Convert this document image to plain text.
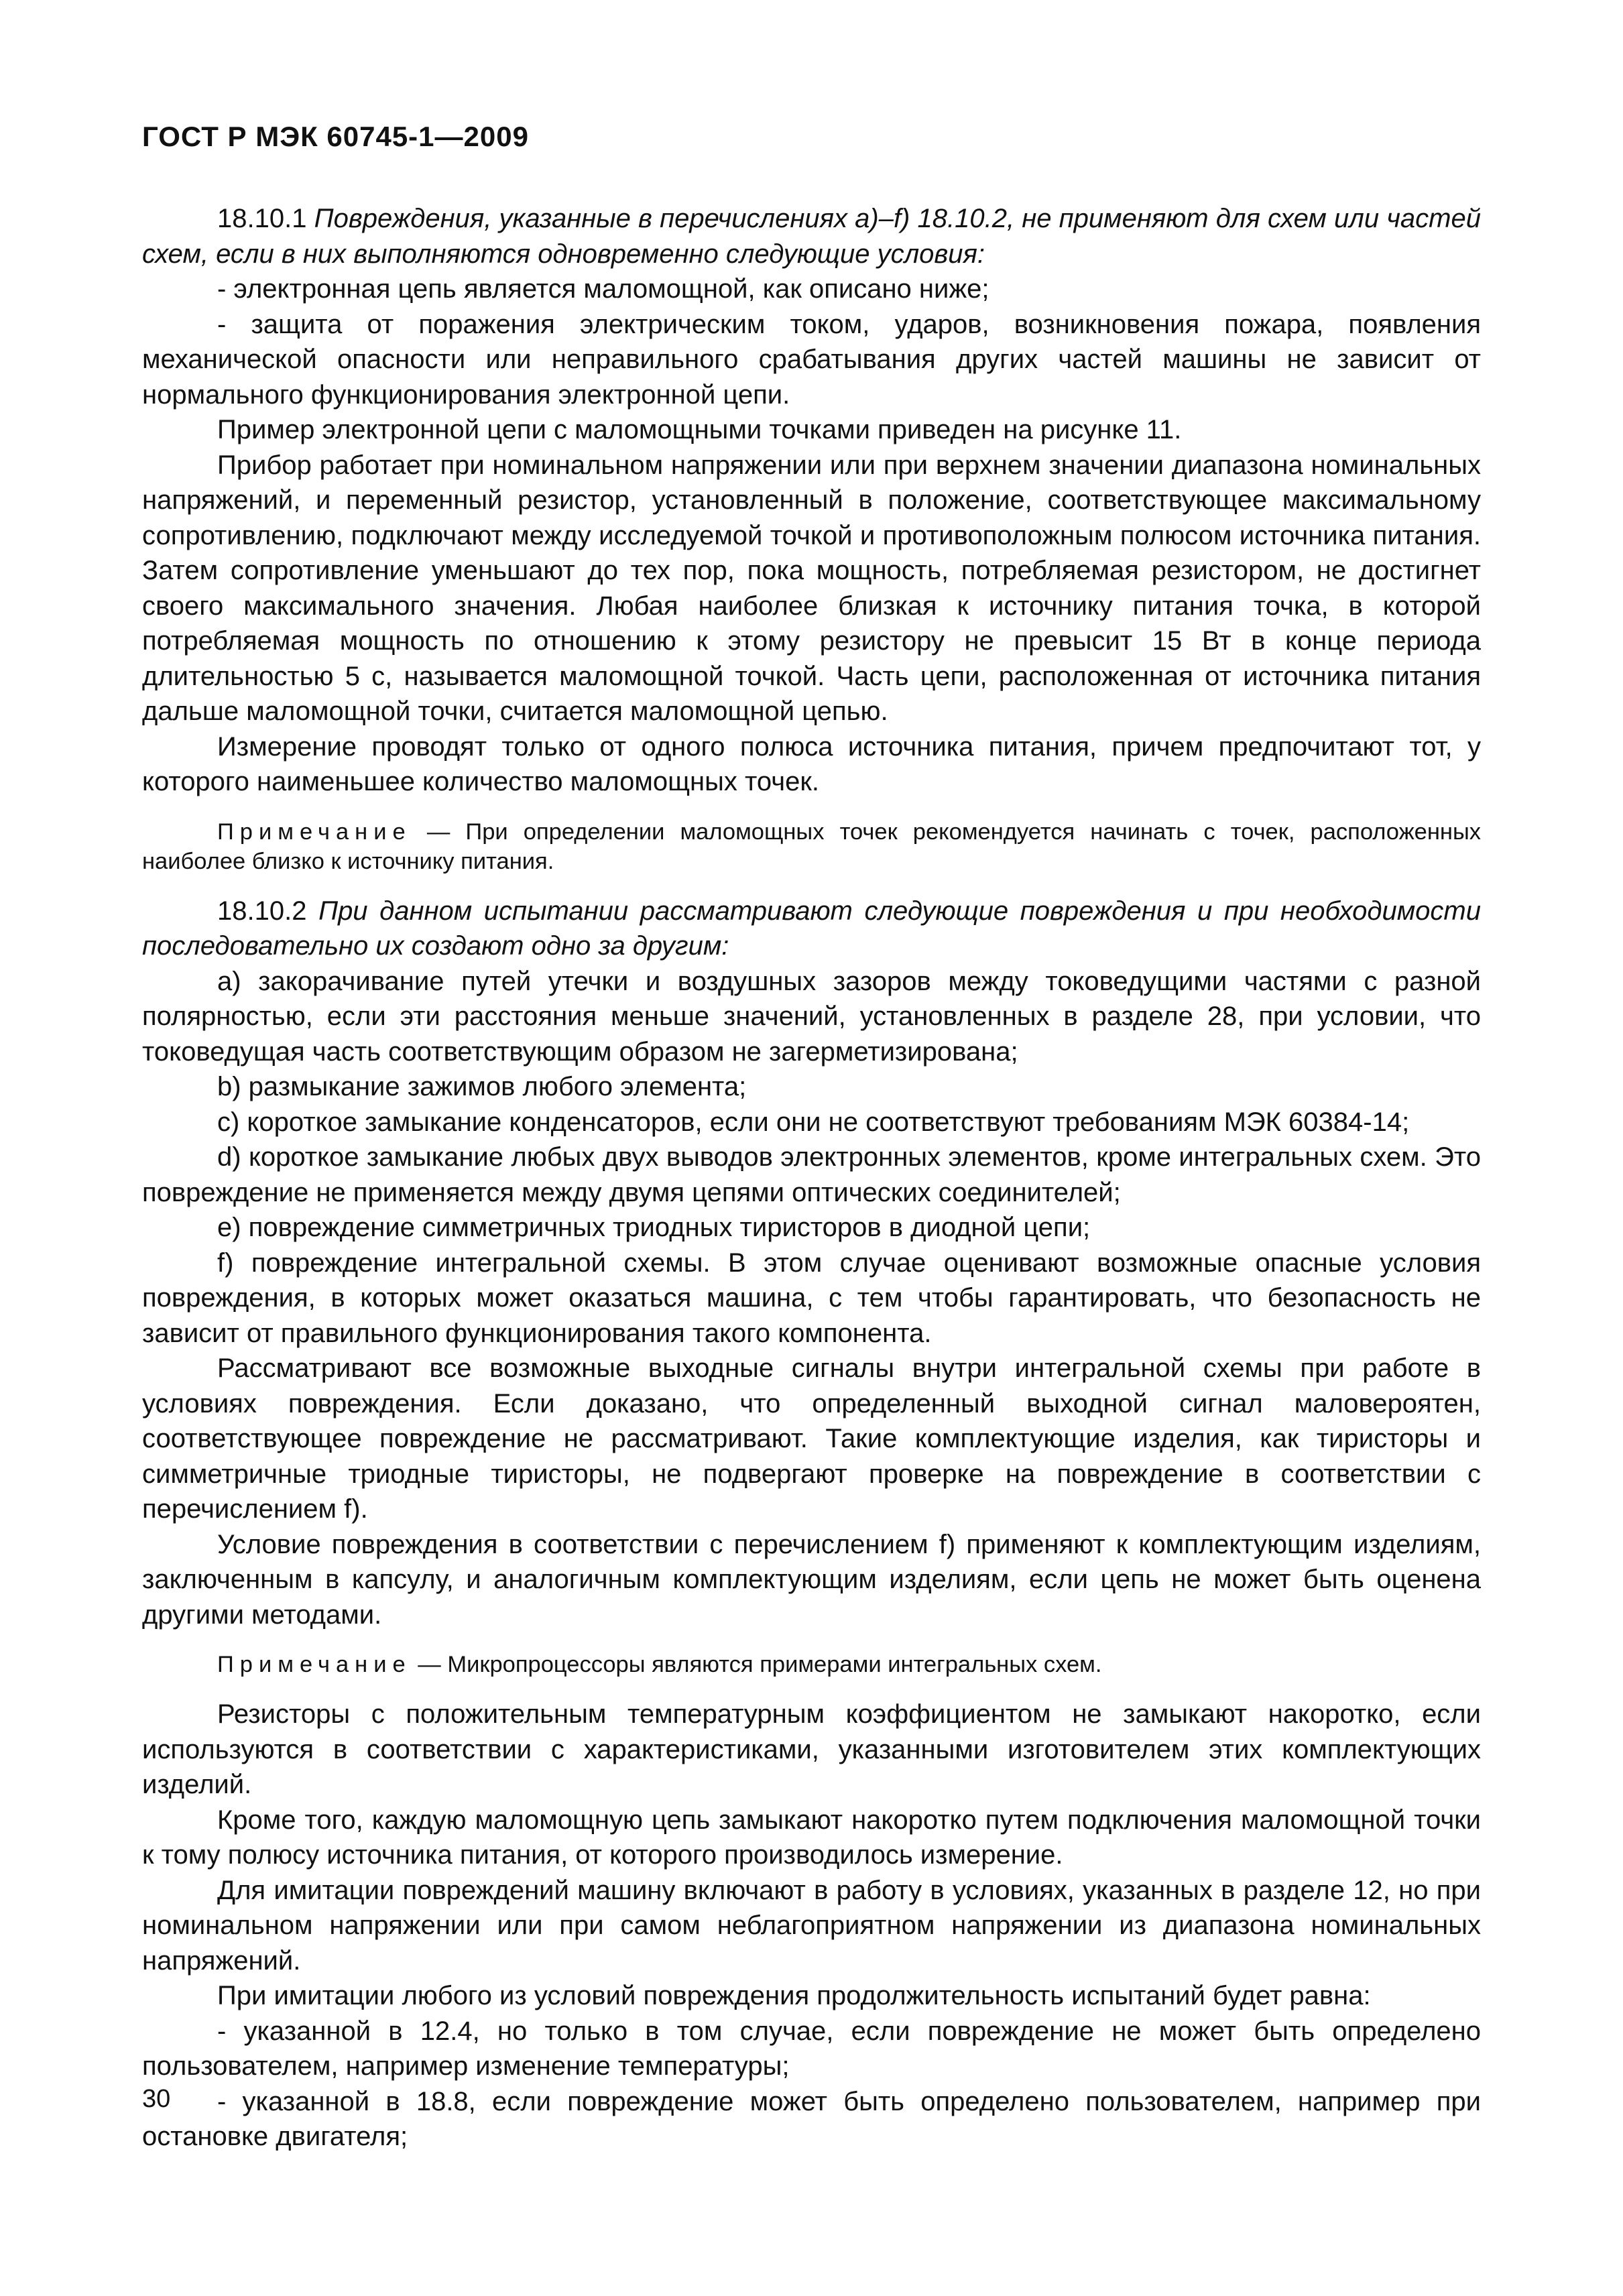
ГОСТ Р МЭК 60745-1—2009

18.10.1 Повреждения, указанные в перечислениях а)–f) 18.10.2, не применяют для схем или частей схем, если в них выполняются одновременно следующие условия:

- электронная цепь является маломощной, как описано ниже;

- защита от поражения электрическим током, ударов, возникновения пожара, появления механической опасности или неправильного срабатывания других частей машины не зависит от нормального функционирования электронной цепи.

Пример электронной цепи с маломощными точками приведен на рисунке 11.

Прибор работает при номинальном напряжении или при верхнем значении диапазона номинальных напряжений, и переменный резистор, установленный в положение, соответствующее максимальному сопротивлению, подключают между исследуемой точкой и противоположным полюсом источника питания. Затем сопротивление уменьшают до тех пор, пока мощность, потребляемая резистором, не достигнет своего максимального значения. Любая наиболее близкая к источнику питания точка, в которой потребляемая мощность по отношению к этому резистору не превысит 15 Вт в конце периода длительностью 5 с, называется маломощной точкой. Часть цепи, расположенная от источника питания дальше маломощной точки, считается маломощной цепью.

Измерение проводят только от одного полюса источника питания, причем предпочитают тот, у которого наименьшее количество маломощных точек.

Примечание — При определении маломощных точек рекомендуется начинать с точек, расположенных наиболее близко к источнику питания.

18.10.2 При данном испытании рассматривают следующие повреждения и при необходимости последовательно их создают одно за другим:

а) закорачивание путей утечки и воздушных зазоров между токоведущими частями с разной полярностью, если эти расстояния меньше значений, установленных в разделе 28, при условии, что токоведущая часть соответствующим образом не загерметизирована;

b) размыкание зажимов любого элемента;

c) короткое замыкание конденсаторов, если они не соответствуют требованиям МЭК 60384-14;

d) короткое замыкание любых двух выводов электронных элементов, кроме интегральных схем. Это повреждение не применяется между двумя цепями оптических соединителей;

e) повреждение симметричных триодных тиристоров в диодной цепи;

f) повреждение интегральной схемы. В этом случае оценивают возможные опасные условия повреждения, в которых может оказаться машина, с тем чтобы гарантировать, что безопасность не зависит от правильного функционирования такого компонента.

Рассматривают все возможные выходные сигналы внутри интегральной схемы при работе в условиях повреждения. Если доказано, что определенный выходной сигнал маловероятен, соответствующее повреждение не рассматривают. Такие комплектующие изделия, как тиристоры и симметричные триодные тиристоры, не подвергают проверке на повреждение в соответствии с перечислением f).

Условие повреждения в соответствии с перечислением f) применяют к комплектующим изделиям, заключенным в капсулу, и аналогичным комплектующим изделиям, если цепь не может быть оценена другими методами.

Примечание — Микропроцессоры являются примерами интегральных схем.

Резисторы с положительным температурным коэффициентом не замыкают накоротко, если используются в соответствии с характеристиками, указанными изготовителем этих комплектующих изделий.

Кроме того, каждую маломощную цепь замыкают накоротко путем подключения маломощной точки к тому полюсу источника питания, от которого производилось измерение.

Для имитации повреждений машину включают в работу в условиях, указанных в разделе 12, но при номинальном напряжении или при самом неблагоприятном напряжении из диапазона номинальных напряжений.

При имитации любого из условий повреждения продолжительность испытаний будет равна:

- указанной в 12.4, но только в том случае, если повреждение не может быть определено пользователем, например изменение температуры;

- указанной в 18.8, если повреждение может быть определено пользователем, например при остановке двигателя;

30
